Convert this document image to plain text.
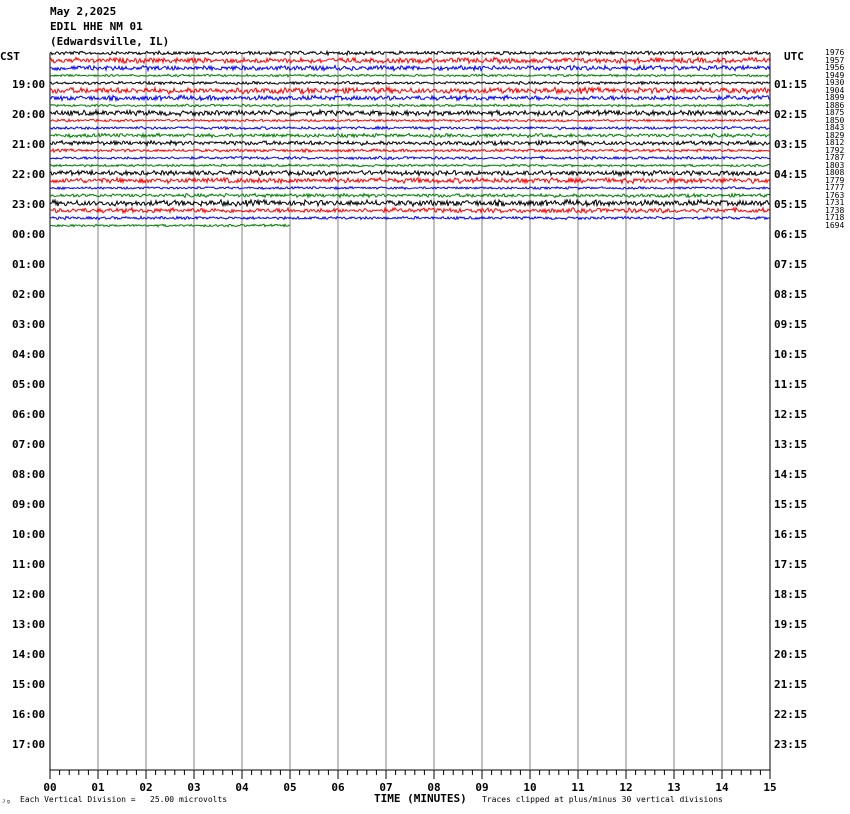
May 2,2025
EDIL HHE NM 01
(Edwardsville, IL)
CST	UTC
00	01	02	03	04	05	06	07	08	09	10	11	12	13	14	15
19:00
20:00
21:00
22:00
23:00
00:00
01:00
02:00
03:00
04:00
05:00
06:00
07:00
08:00
09:00
10:00
11:00
12:00
13:00
14:00
15:00
16:00
17:00
01:15
02:15
03:15
04:15
05:15
06:15
07:15
08:15
09:15
10:15
11:15
12:15
13:15
14:15
15:15
16:15
17:15
18:15
19:15
20:15
21:15
22:15
23:15
1976
1957
1956
1949
1930
1904
1899
1886
1875
1850
1843
1829
1812
1792
1787
1803
1808
1779
1777
1763
1731
1738
1718
1694
ᴶᵍ Each Vertical Division =   25.00 microvolts	TIME (MINUTES) Traces clipped at plus/minus 30 vertical divisions
